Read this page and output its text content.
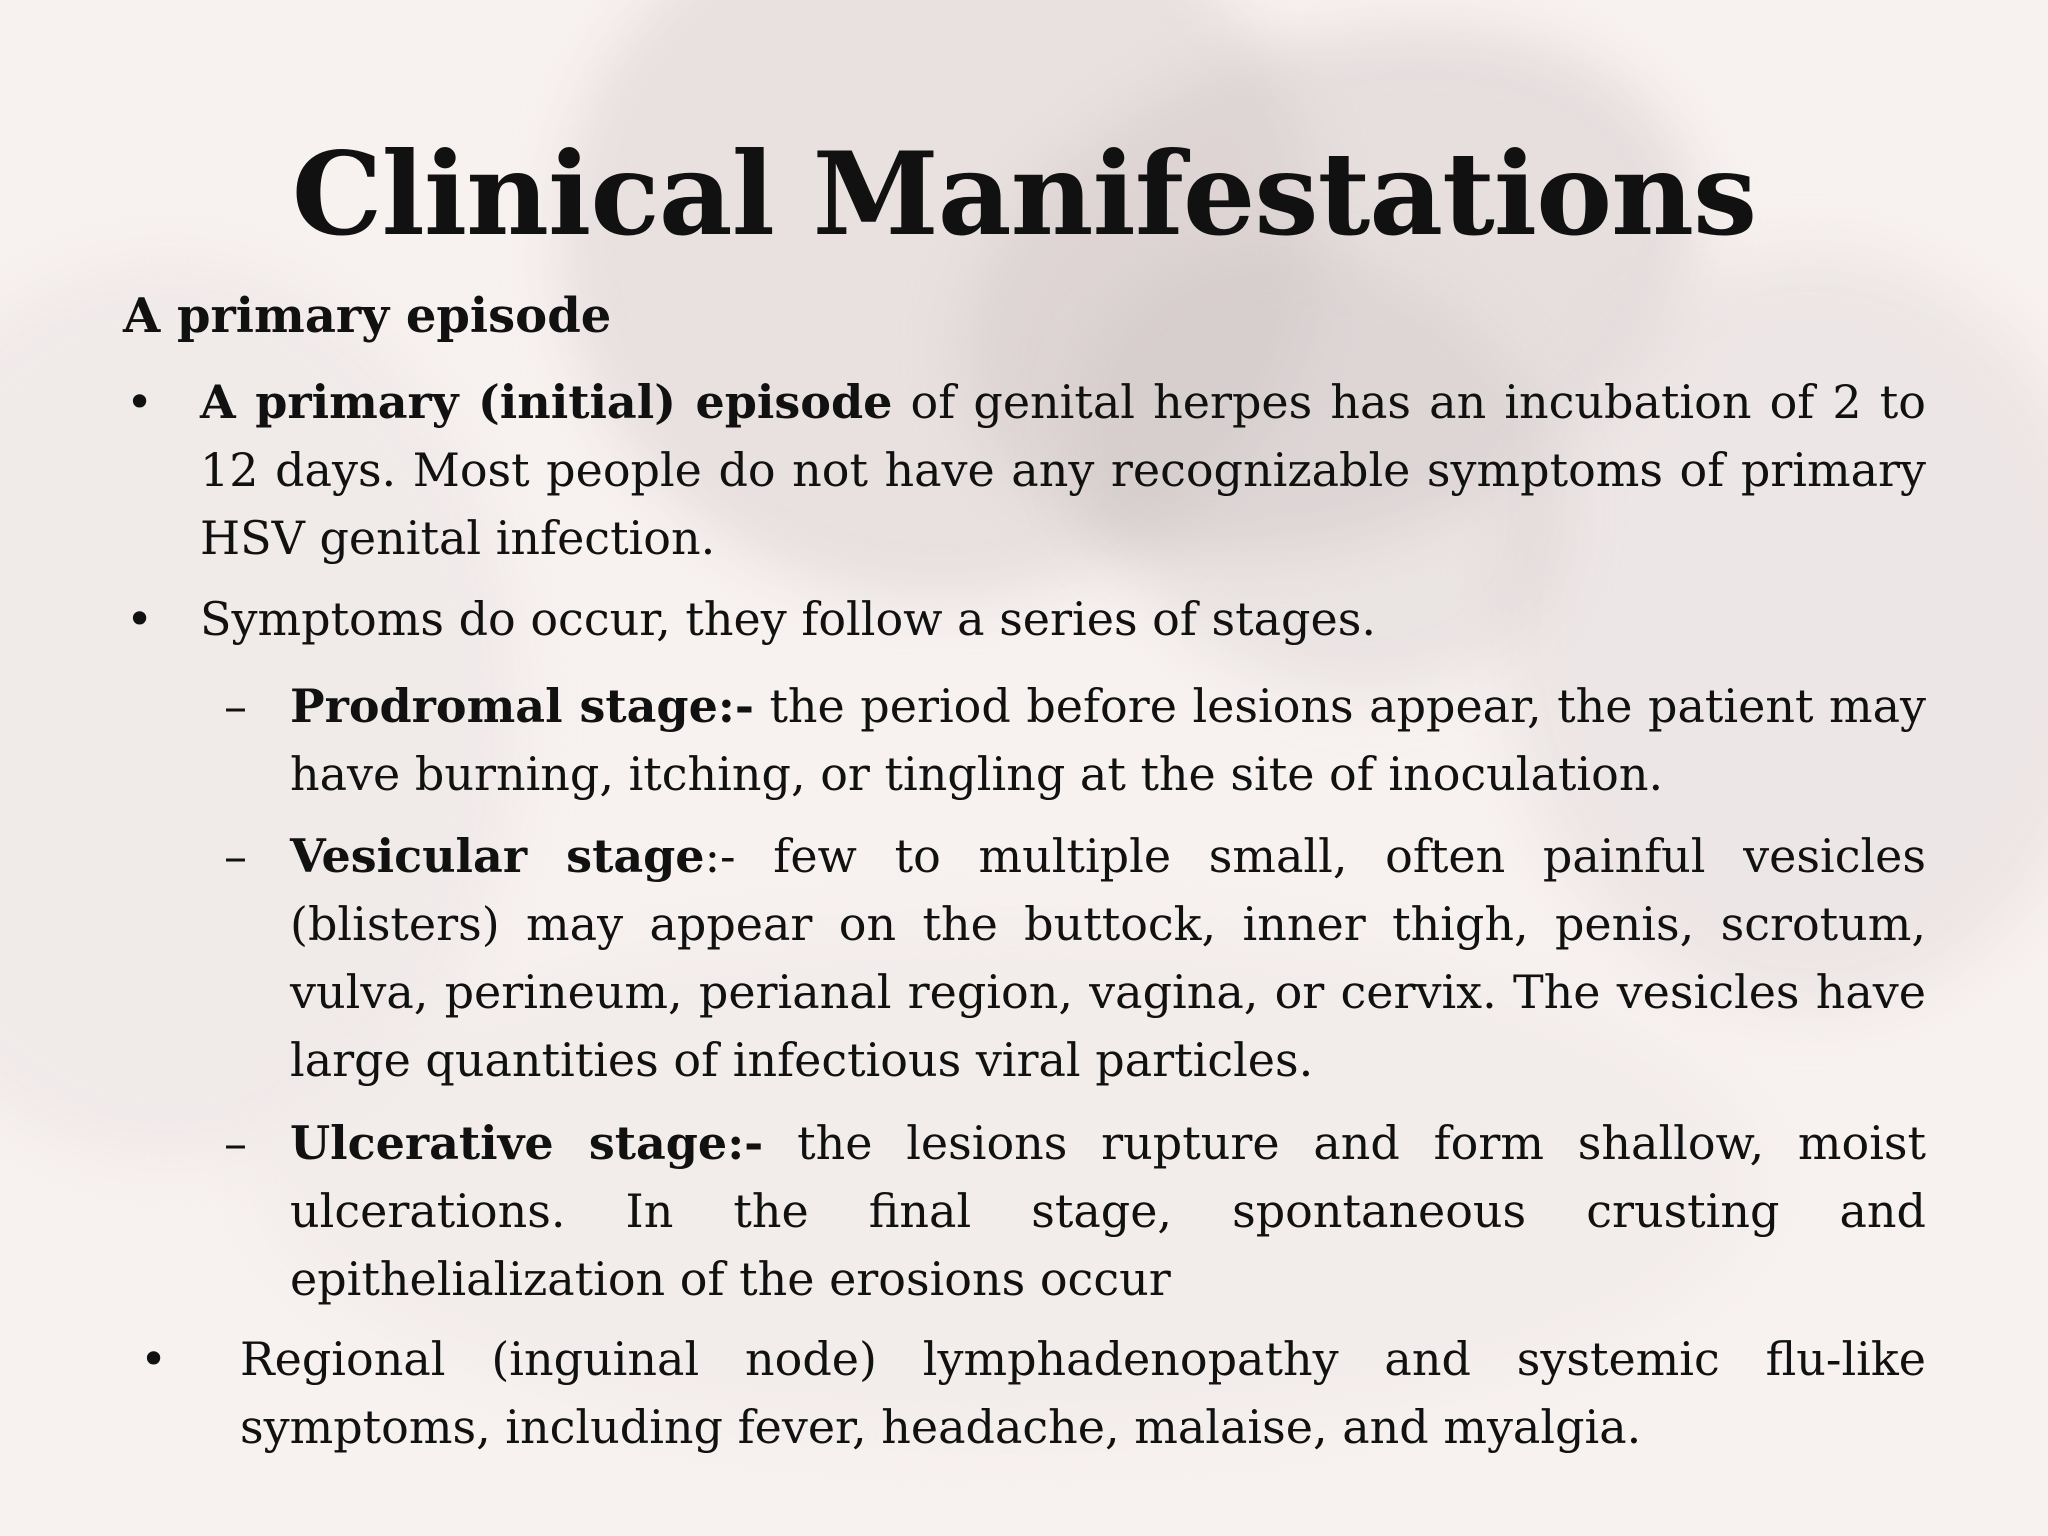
Clinical Manifestations
A primary episode
• A primary (initial) episode of genital herpes has an incubation of 2 to 12 days. Most people do not have any recognizable symptoms of primary HSV genital infection.

• Symptoms do occur, they follow a series of stages.

– Prodromal stage:- the period before lesions appear, the patient may have burning, itching, or tingling at the site of inoculation.

– Vesicular stage:- few to multiple small, often painful vesicles (blisters) may appear on the buttock, inner thigh, penis, scrotum, vulva, perineum, perianal region, vagina, or cervix. The vesicles have large quantities of infectious viral particles.

– Ulcerative stage:- the lesions rupture and form shallow, moist ulcerations. In the final stage, spontaneous crusting and epithelialization of the erosions occur

• Regional (inguinal node) lymphadenopathy and systemic flu-like symptoms, including fever, headache, malaise, and myalgia.
